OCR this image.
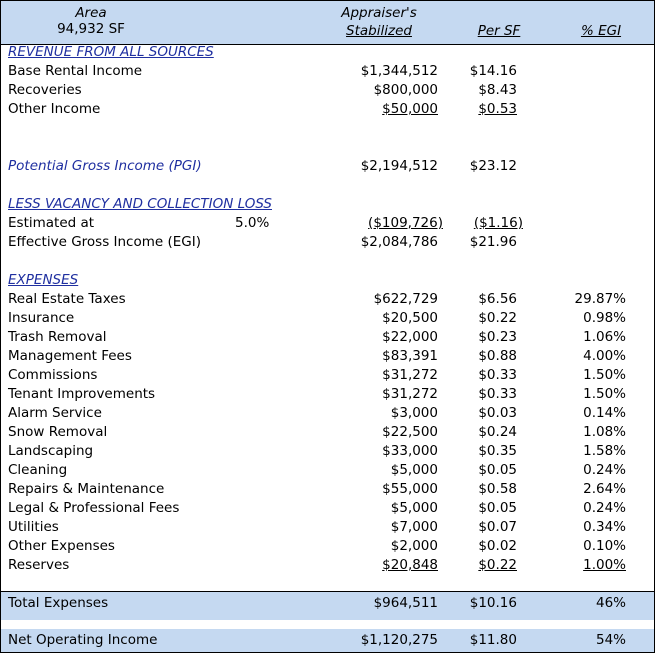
Area
94,932 SF
Appraiser's
Stabilized	Per SF	% EGI
REVENUE FROM ALL SOURCES
Base Rental Income	$1,344,512 $14.16
Recoveries	$800,000	$8.43
Other Income	$50,000	$0.53
Potential Gross Income (PGI)	$2,194,512 $23.12
LESS VACANCY AND COLLECTION LOSS
Estimated at	5.0%	($109,726) ($1.16)
Effective Gross Income (EGI)	$2,084,786 $21.96
EXPENSES
Real Estate Taxes	$622,729	$6.56	29.87%
Insurance	$20,500	$0.22	0.98%
Trash Removal	$22,000	$0.23	1.06%
Management Fees	$83,391	$0.88	4.00%
Commissions	$31,272	$0.33	1.50%
Tenant Improvements	$31,272	$0.33	1.50%
Alarm Service	$3,000	$0.03	0.14%
Snow Removal	$22,500	$0.24	1.08%
Landscaping	$33,000	$0.35	1.58%
Cleaning	$5,000	$0.05	0.24%
Repairs & Maintenance	$55,000	$0.58	2.64%
Legal & Professional Fees	$5,000	$0.05	0.24%
Utilities	$7,000	$0.07	0.34%
Other Expenses	$2,000	$0.02	0.10%
Reserves	$20,848	$0.22	1.00%
Total Expenses	$964,511 $10.16	46%
Net Operating Income	$1,120,275 $11.80	54%
